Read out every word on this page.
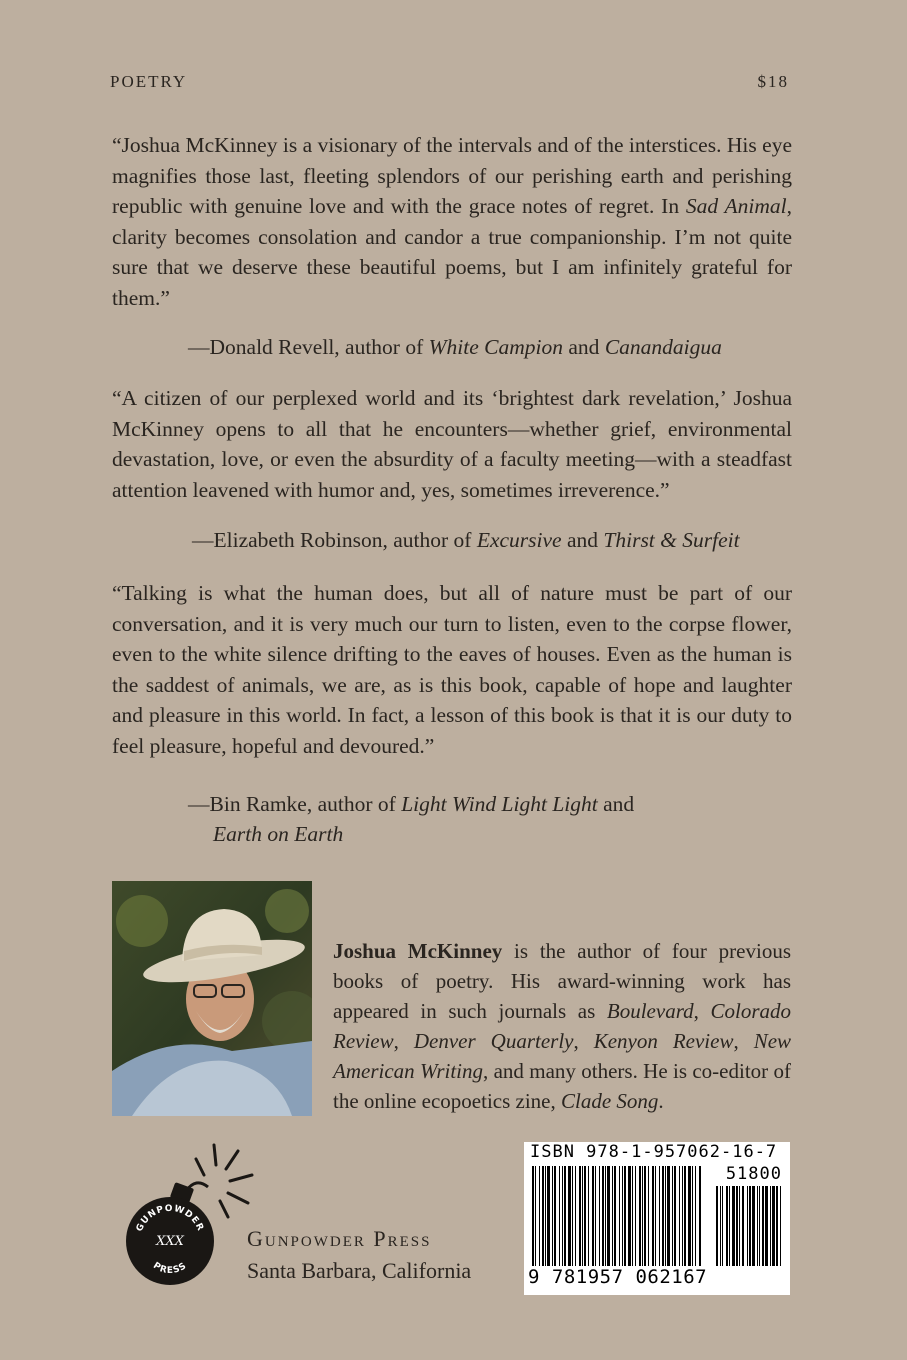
POETRY	$18
“Joshua McKinney is a visionary of the intervals and of the interstices. His eye magnifies those last, fleeting splendors of our perishing earth and perishing republic with genuine love and with the grace notes of regret. In Sad Animal, clarity becomes consolation and candor a true companionship. I’m not quite sure that we deserve these beautiful poems, but I am infinitely grateful for them.”
—Donald Revell, author of White Campion and Canandaigua
“A citizen of our perplexed world and its ‘brightest dark revelation,’ Joshua McKinney opens to all that he encounters—whether grief, environmental devastation, love, or even the absurdity of a faculty meeting—with a steadfast attention leavened with humor and, yes, sometimes irreverence.”
—Elizabeth Robinson, author of Excursive and Thirst & Surfeit
“Talking is what the human does, but all of nature must be part of our conversation, and it is very much our turn to listen, even to the corpse flower, even to the white silence drifting to the eaves of houses. Even as the human is the saddest of animals, we are, as is this book, capable of hope and laughter and pleasure in this world. In fact, a lesson of this book is that it is our duty to feel pleasure, hopeful and devoured.”
—Bin Ramke, author of Light Wind Light Light and
Earth on Earth
Joshua McKinney is the author of four previous books of poetry. His award-winning work has appeared in such journals as Boulevard, Colorado Review, Denver Quarterly, Kenyon Review, New American Writing, and many others. He is co-editor of the online ecopoetics zine, Clade Song.
GUNPOWDER
PRESS
XXX	Gunpowder Press
Santa Barbara, California
ISBN 978-1-957062-16-7
51800
9 781957 062167
